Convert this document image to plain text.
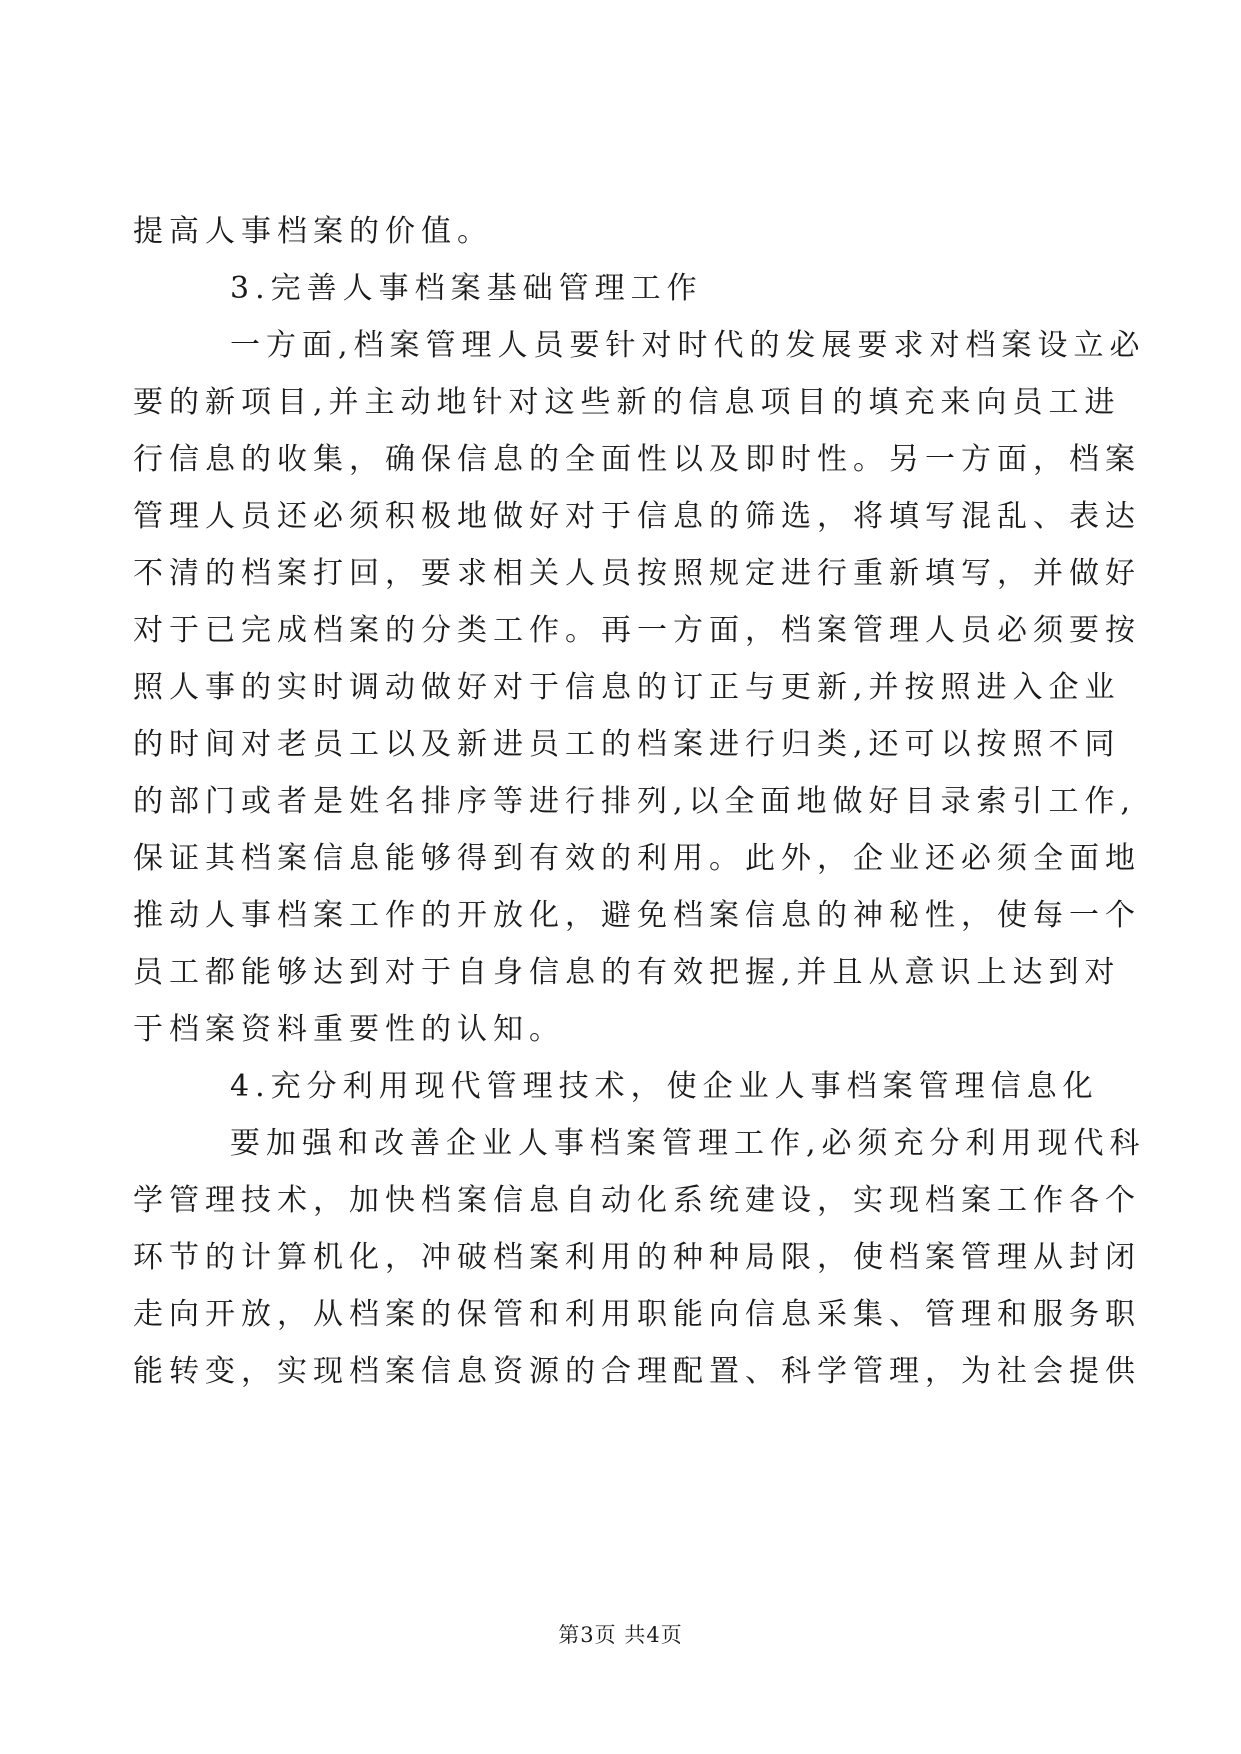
提高人事档案的价值。
3.完善人事档案基础管理工作
一方面,档案管理人员要针对时代的发展要求对档案设立必
要的新项目,并主动地针对这些新的信息项目的填充来向员工进
行信息的收集，确保信息的全面性以及即时性。另一方面，档案
管理人员还必须积极地做好对于信息的筛选，将填写混乱、表达
不清的档案打回，要求相关人员按照规定进行重新填写，并做好
对于已完成档案的分类工作。再一方面，档案管理人员必须要按
照人事的实时调动做好对于信息的订正与更新,并按照进入企业
的时间对老员工以及新进员工的档案进行归类,还可以按照不同
的部门或者是姓名排序等进行排列,以全面地做好目录索引工作,
保证其档案信息能够得到有效的利用。此外，企业还必须全面地
推动人事档案工作的开放化，避免档案信息的神秘性，使每一个
员工都能够达到对于自身信息的有效把握,并且从意识上达到对
于档案资料重要性的认知。
4.充分利用现代管理技术，使企业人事档案管理信息化
要加强和改善企业人事档案管理工作,必须充分利用现代科
学管理技术，加快档案信息自动化系统建设，实现档案工作各个
环节的计算机化，冲破档案利用的种种局限，使档案管理从封闭
走向开放，从档案的保管和利用职能向信息采集、管理和服务职
能转变，实现档案信息资源的合理配置、科学管理，为社会提供
第3页 共4页
